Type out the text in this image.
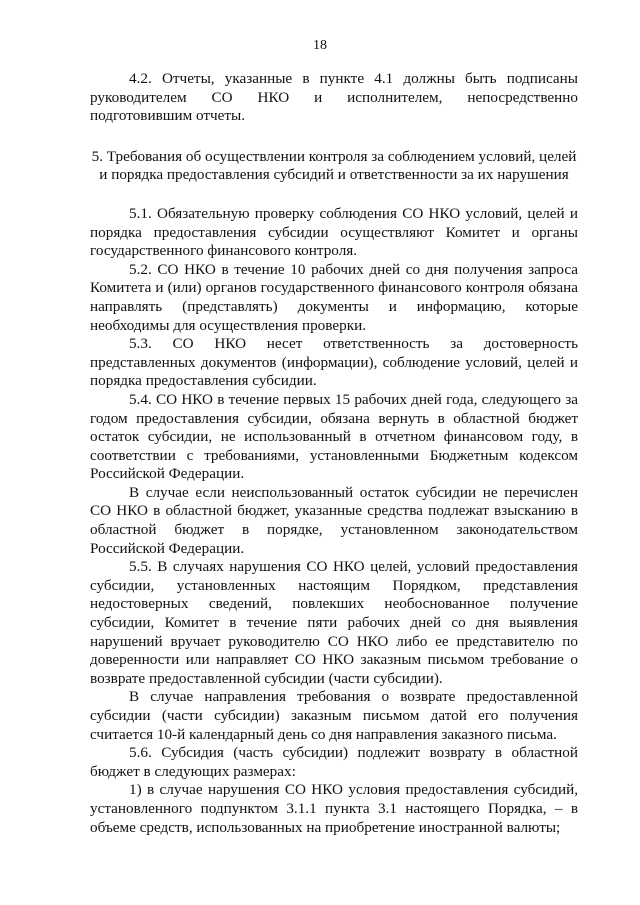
18

4.2. Отчеты, указанные в пункте 4.1 должны быть подписаны руководителем СО НКО и исполнителем, непосредственно подготовившим отчеты.

5. Требования об осуществлении контроля за соблюдением условий, целей и порядка предоставления субсидий и ответственности за их нарушения

5.1. Обязательную проверку соблюдения СО НКО условий, целей и порядка предоставления субсидии осуществляют Комитет и органы государственного финансового контроля.

5.2. СО НКО в течение 10 рабочих дней со дня получения запроса Комитета и (или) органов государственного финансового контроля обязана направлять (представлять) документы и информацию, которые необходимы для осуществления проверки.

5.3. СО НКО несет ответственность за достоверность представленных документов (информации), соблюдение условий, целей и порядка предоставления субсидии.

5.4. СО НКО в течение первых 15 рабочих дней года, следующего за годом предоставления субсидии, обязана вернуть в областной бюджет остаток субсидии, не использованный в отчетном финансовом году, в соответствии с требованиями, установленными Бюджетным кодексом Российской Федерации.

В случае если неиспользованный остаток субсидии не перечислен СО НКО в областной бюджет, указанные средства подлежат взысканию в областной бюджет в порядке, установленном законодательством Российской Федерации.

5.5. В случаях нарушения СО НКО целей, условий предоставления субсидии, установленных настоящим Порядком, представления недостоверных сведений, повлекших необоснованное получение субсидии, Комитет в течение пяти рабочих дней со дня выявления нарушений вручает руководителю СО НКО либо ее представителю по доверенности или направляет СО НКО заказным письмом требование о возврате предоставленной субсидии (части субсидии).

В случае направления требования о возврате предоставленной субсидии (части субсидии) заказным письмом датой его получения считается 10-й календарный день со дня направления заказного письма.

5.6. Субсидия (часть субсидии) подлежит возврату в областной бюджет в следующих размерах:

1) в случае нарушения СО НКО условия предоставления субсидий, установленного подпунктом 3.1.1 пункта 3.1 настоящего Порядка, – в объеме средств, использованных на приобретение иностранной валюты;
